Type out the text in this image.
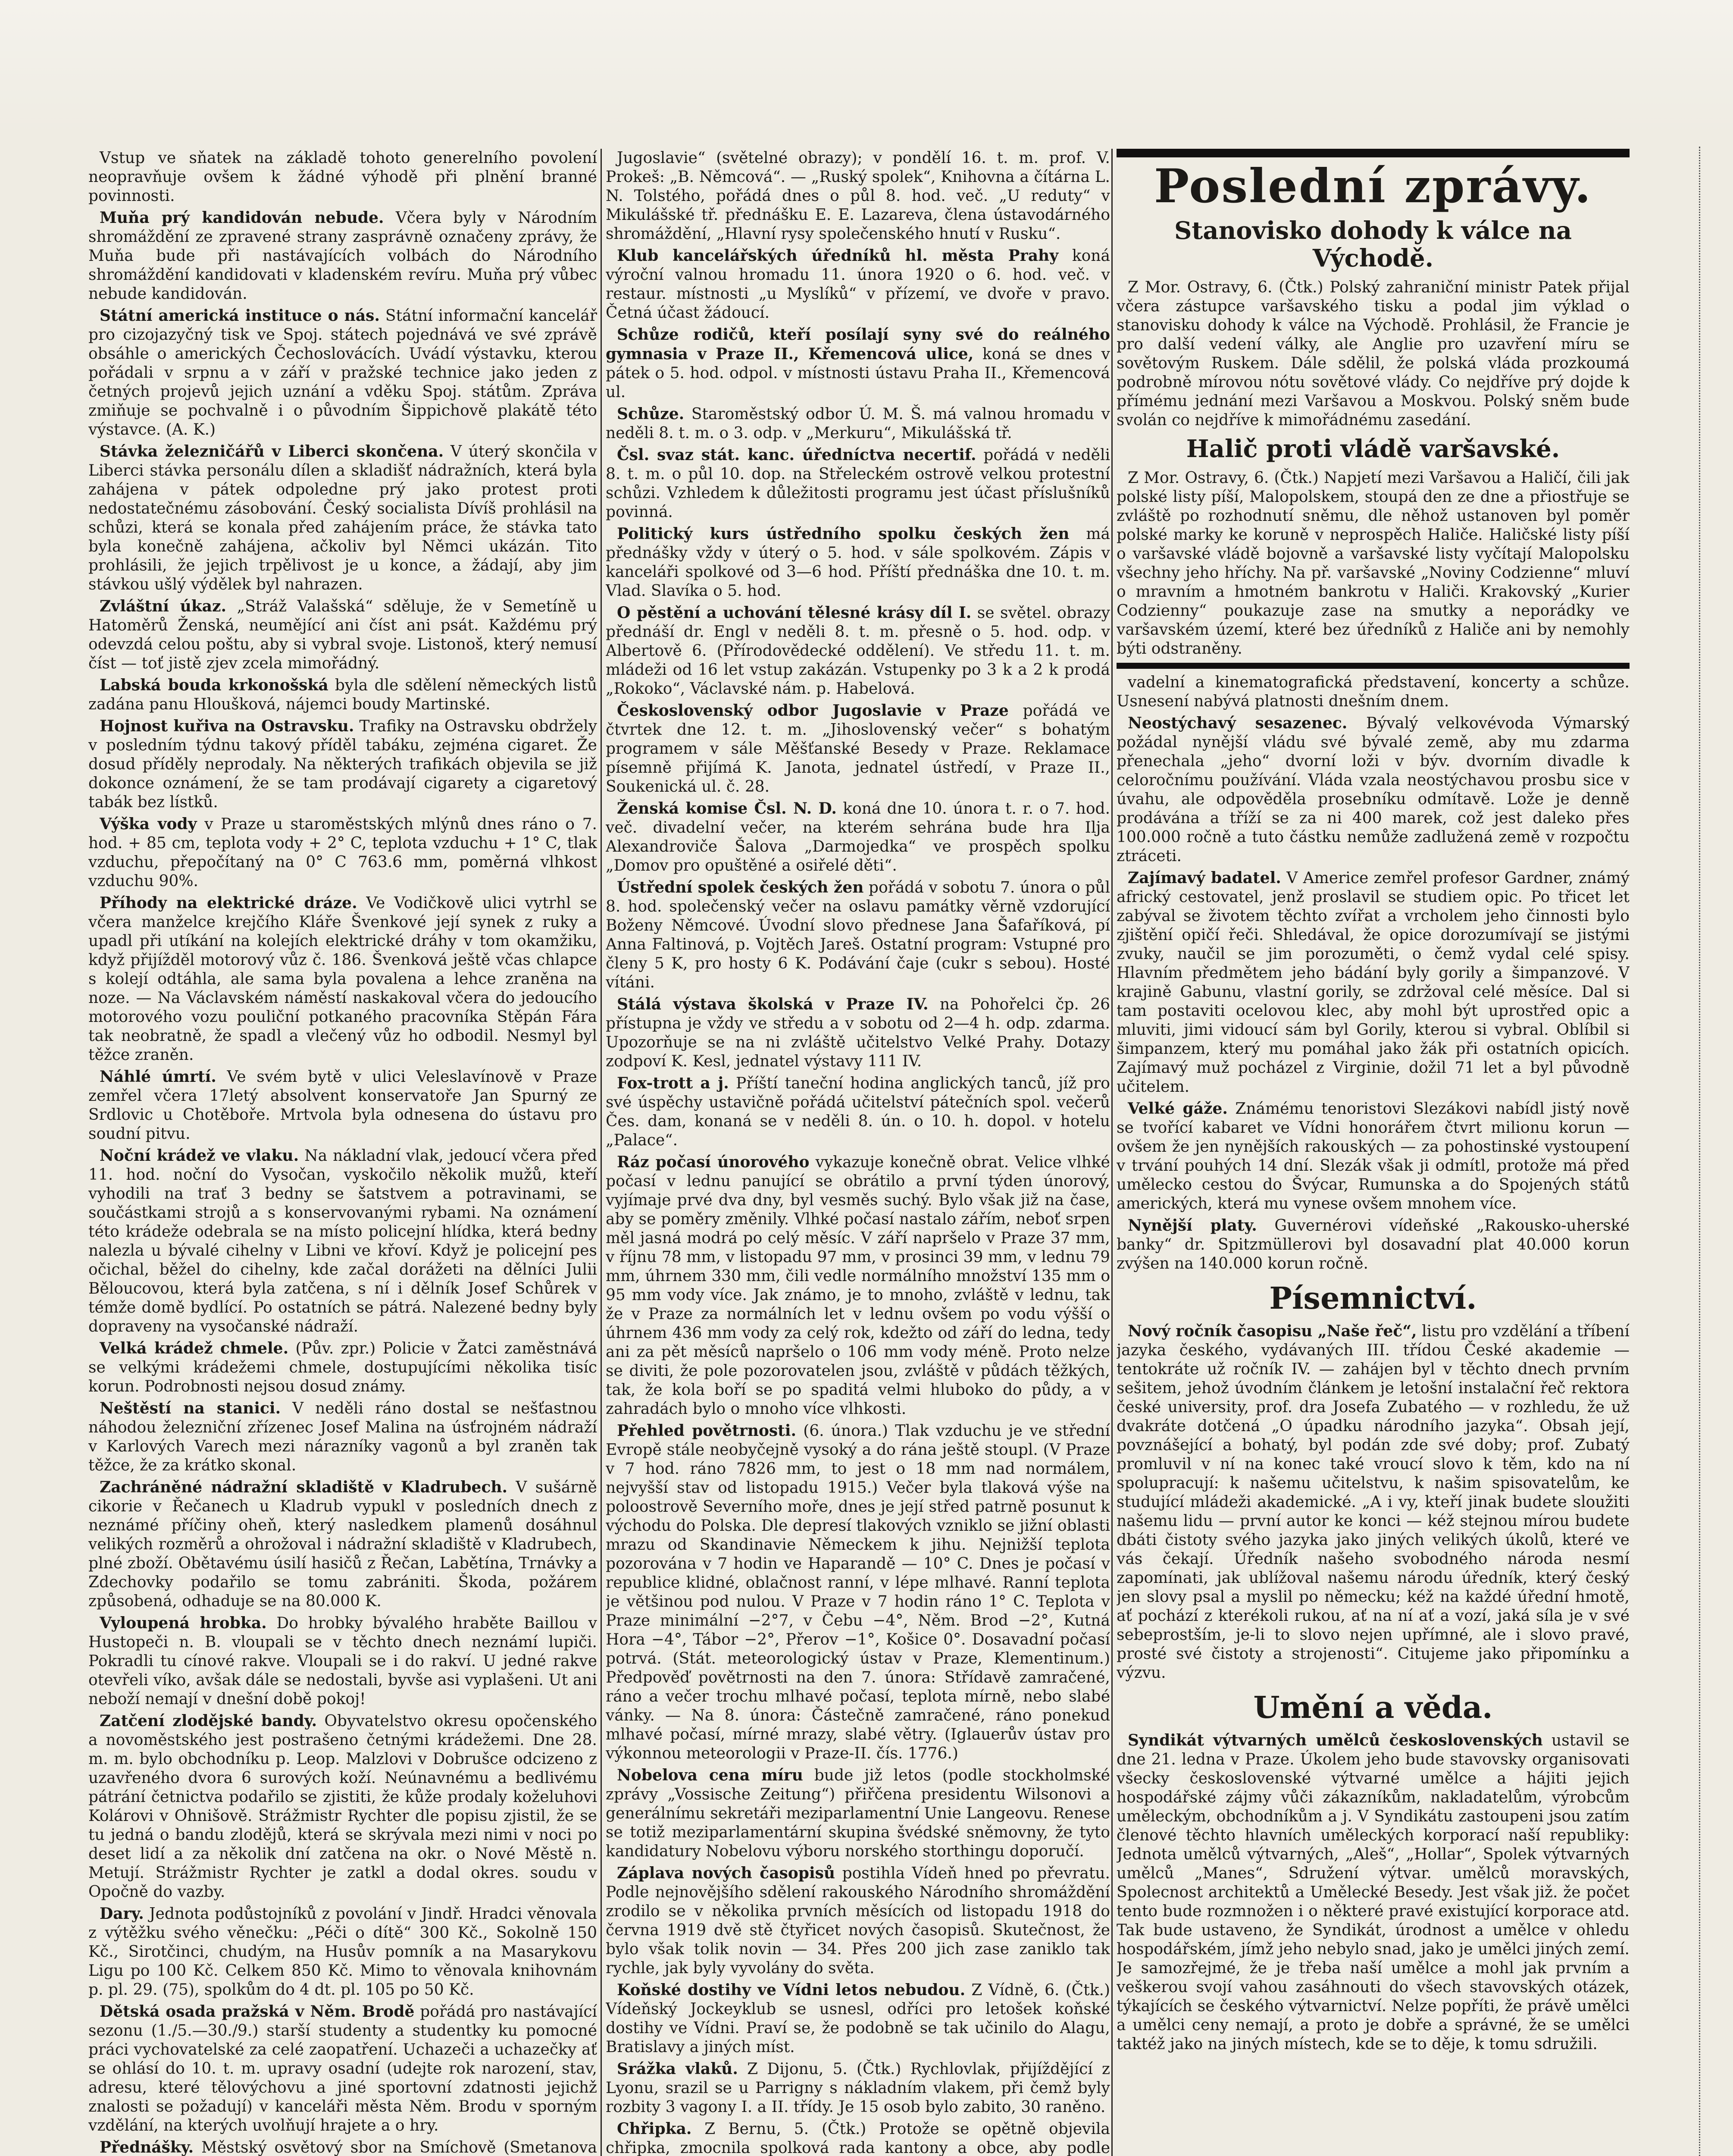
Vstup ve sňatek na základě tohoto generelního povolení neopravňuje ovšem k žádné výhodě při plnění branné povinnosti.

Muňa prý kandidován nebude. Včera byly v Národním shromáždění ze zpravené strany zasprávně označeny zprávy, že Muňa bude při nastávajících volbách do Národního shromáždění kandidovati v kladenském revíru. Muňa prý vůbec nebude kandidován.

Státní americká instituce o nás. Státní informační kancelář pro cizojazyčný tisk ve Spoj. státech pojednává ve své zprávě obsáhle o amerických Čechoslovácích. Uvádí výstavku, kterou pořádali v srpnu a v září v pražské technice jako jeden z četných projevů jejich uznání a vděku Spoj. státům. Zpráva zmiňuje se pochvalně i o původním Šippichově plakátě této výstavce. (A. K.)

Stávka železničářů v Liberci skončena. V úterý skončila v Liberci stávka personálu dílen a skladišť nádražních, která byla zahájena v pátek odpoledne prý jako protest proti nedostatečnému zásobování. Český socialista Dívíš prohlásil na schůzi, která se konala před zahájením práce, že stávka tato byla konečně zahájena, ačkoliv byl Němci ukázán. Tito prohlásili, že jejich trpělivost je u konce, a žádají, aby jim stávkou ušlý výdělek byl nahrazen.

Zvláštní úkaz. „Stráž Valašská“ sděluje, že v Semetíně u Hatoměrů Ženská, neumějící ani číst ani psát. Každému prý odevzdá celou poštu, aby si vybral svoje. Listonoš, který nemusí číst — toť jistě zjev zcela mimořádný.

Labská bouda krkonošská byla dle sdělení německých listů zadána panu Hloušková, nájemci boudy Martinské.

Hojnost kuřiva na Ostravsku. Trafiky na Ostravsku obdržely v posledním týdnu takový příděl tabáku, zejména cigaret. Že dosud příděly neprodaly. Na některých trafikách objevila se již dokonce oznámení, že se tam prodávají cigarety a cigaretový tabák bez lístků.

Výška vody v Praze u staroměstských mlýnů dnes ráno o 7. hod. + 85 cm, teplota vody + 2° C, teplota vzduchu + 1° C, tlak vzduchu, přepočítaný na 0° C 763.6 mm, poměrná vlhkost vzduchu 90%.

Příhody na elektrické dráze. Ve Vodičkově ulici vytrhl se včera manželce krejčího Kláře Švenkové její synek z ruky a upadl při utíkání na kolejích elektrické dráhy v tom okamžiku, když přijížděl motorový vůz č. 186. Švenková ještě včas chlapce s kolejí odtáhla, ale sama byla povalena a lehce zraněna na noze. — Na Václavském náměstí naskakoval včera do jedoucího motorového vozu pouliční potkaného pracovníka Stěpán Fára tak neobratně, že spadl a vlečený vůz ho odbodil. Nesmyl byl těžce zraněn.

Náhlé úmrtí. Ve svém bytě v ulici Veleslavínově v Praze zemřel včera 17letý absolvent konservatoře Jan Spurný ze Srdlovic u Chotěboře. Mrtvola byla odnesena do ústavu pro soudní pitvu.

Noční krádež ve vlaku. Na nákladní vlak, jedoucí včera před 11. hod. noční do Vysočan, vyskočilo několik mužů, kteří vyhodili na trať 3 bedny se šatstvem a potravinami, se součástkami strojů a s konservovanými rybami. Na oznámení této krádeže odebrala se na místo policejní hlídka, která bedny nalezla u bývalé cihelny v Libni ve křoví. Když je policejní pes očichal, běžel do cihelny, kde začal dorážeti na dělníci Julii Běloucovou, která byla zatčena, s ní i dělník Josef Schůrek v témže domě bydlící. Po ostatních se pátrá. Nalezené bedny byly dopraveny na vysočanské nádraží.

Velká krádež chmele. (Pův. zpr.) Policie v Žatci zaměstnává se velkými krádežemi chmele, dostupujícími několika tisíc korun. Podrobnosti nejsou dosud známy.

Neštěstí na stanici. V neděli ráno dostal se nešťastnou náhodou železniční zřízenec Josef Malina na úsťrojném nádraží v Karlových Varech mezi nárazníky vagonů a byl zraněn tak těžce, že za krátko skonal.

Zachráněné nádražní skladiště v Kladrubech. V sušárně cikorie v Řečanech u Kladrub vypukl v posledních dnech z neznámé příčiny oheň, který nasledkem plamenů dosáhnul velikých rozměrů a ohrožoval i nádražní skladiště v Kladrubech, plné zboží. Obětavému úsilí hasičů z Řečan, Labětína, Trnávky a Zdechovky podařilo se tomu zabrániti. Škoda, požárem způsobená, odhaduje se na 80.000 K.

Vyloupená hrobka. Do hrobky bývalého hraběte Baillou v Hustopeči n. B. vloupali se v těchto dnech neznámí lupiči. Pokradli tu cínové rakve. Vloupali se i do rakví. U jedné rakve otevřeli víko, avšak dále se nedostali, byvše asi vyplašeni. Ut ani neboží nemají v dnešní době pokoj!

Zatčení zlodějské bandy. Obyvatelstvo okresu opočenského a novoměstského jest postrašeno četnými krádežemi. Dne 28. m. m. bylo obchodníku p. Leop. Malzlovi v Dobrušce odcizeno z uzavřeného dvora 6 surových koží. Neúnavnému a bedlivému pátrání četnictva podařilo se zjistiti, že kůže prodaly koželuhovi Kolárovi v Ohnišově. Strážmistr Rychter dle popisu zjistil, že se tu jedná o bandu zlodějů, která se skrývala mezi nimi v noci po deset lidí a za několik dní zatčena na okr. o Nové Městě n. Metují. Strážmistr Rychter je zatkl a dodal okres. soudu v Opočně do vazby.

Dary. Jednota podůstojníků z povolání v Jindř. Hradci věnovala z výtěžku svého věnečku: „Péči o dítě“ 300 Kč., Sokolně 150 Kč., Sirotčinci, chudým, na Husův pomník a na Masarykovu Ligu po 100 Kč. Celkem 850 Kč. Mimo to věnovala knihovnám p. pl. 29. (75), spolkům do 4 dt. pl. 105 po 50 Kč.

Dětská osada pražská v Něm. Brodě pořádá pro nastávající sezonu (1./5.—30./9.) starší studenty a studentky ku pomocné práci vychovatelské za celé zaopatření. Uchazeči a uchazečky ať se ohlásí do 10. t. m. upravy osadní (udejte rok narození, stav, adresu, které tělovýchovu a jiné sportovní zdatnosti jejichž znalosti se požadují) v kanceláři města Něm. Brodu v sporným vzdělání, na kterých uvolňují hrajete a o hry.

Přednášky. Městský osvětový sbor na Smíchově (Smetanova

Jugoslavie“ (světelné obrazy); v pondělí 16. t. m. prof. V. Prokeš: „B. Němcová“. — „Ruský spolek“, Knihovna a čítárna L. N. Tolstého, pořádá dnes o půl 8. hod. več. „U reduty“ v Mikulášské tř. přednášku E. E. Lazareva, člena ústavodárného shromáždění, „Hlavní rysy společenského hnutí v Rusku“.

Klub kancelářských úředníků hl. města Prahy koná výroční valnou hromadu 11. února 1920 o 6. hod. več. v restaur. místnosti „u Myslíků“ v přízemí, ve dvoře v pravo. Četná účast žádoucí.

Schůze rodičů, kteří posílají syny své do reálného gymnasia v Praze II., Křemencová ulice, koná se dnes v pátek o 5. hod. odpol. v místnosti ústavu Praha II., Křemencová ul.

Schůze. Staroměstský odbor Ú. M. Š. má valnou hromadu v neděli 8. t. m. o 3. odp. v „Merkuru“, Mikulášská tř.

Čsl. svaz stát. kanc. úředníctva necertif. pořádá v neděli 8. t. m. o půl 10. dop. na Střeleckém ostrově velkou protestní schůzi. Vzhledem k důležitosti programu jest účast příslušníků povinná.

Politický kurs ústředního spolku českých žen má přednášky vždy v úterý o 5. hod. v sále spolkovém. Zápis v kanceláři spolkové od 3—6 hod. Příští přednáška dne 10. t. m. Vlad. Slavíka o 5. hod.

O pěstění a uchování tělesné krásy díl I. se světel. obrazy přednáší dr. Engl v neděli 8. t. m. přesně o 5. hod. odp. v Albertově 6. (Přírodovědecké oddělení). Ve středu 11. t. m. mládeži od 16 let vstup zakázán. Vstupenky po 3 k a 2 k prodá „Rokoko“, Václavské nám. p. Habelová.

Československý odbor Jugoslavie v Praze pořádá ve čtvrtek dne 12. t. m. „Jihoslovenský večer“ s bohatým programem v sále Měšťanské Besedy v Praze. Reklamace písemně přijímá K. Janota, jednatel ústředí, v Praze II., Soukenická ul. č. 28.

Ženská komise Čsl. N. D. koná dne 10. února t. r. o 7. hod. več. divadelní večer, na kterém sehrána bude hra Ilja Alexandroviče Šalova „Darmojedka“ ve prospěch spolku „Domov pro opuštěné a osiřelé děti“.

Ústřední spolek českých žen pořádá v sobotu 7. února o půl 8. hod. společenský večer na oslavu památky věrně vzdorující Boženy Němcové. Úvodní slovo přednese Jana Šafaříková, pí Anna Faltinová, p. Vojtěch Jareš. Ostatní program: Vstupné pro členy 5 K, pro hosty 6 K. Podávání čaje (cukr s sebou). Hosté vítáni.

Stálá výstava školská v Praze IV. na Pohořelci čp. 26 přístupna je vždy ve středu a v sobotu od 2—4 h. odp. zdarma. Upozorňuje se na ni zvláště učitelstvo Velké Prahy. Dotazy zodpoví K. Kesl, jednatel výstavy 111 IV.

Fox-trott a j. Příští taneční hodina anglických tanců, jíž pro své úspěchy ustavičně pořádá učitelství pátečních spol. večerů Čes. dam, konaná se v neděli 8. ún. o 10. h. dopol. v hotelu „Palace“.

Ráz počasí únorového vykazuje konečně obrat. Velice vlhké počasí v lednu panující se obrátilo a první týden únorový, vyjímaje prvé dva dny, byl vesměs suchý. Bylo však již na čase, aby se poměry změnily. Vlhké počasí nastalo zářím, neboť srpen měl jasná modrá po celý měsíc. V září napršelo v Praze 37 mm, v říjnu 78 mm, v listopadu 97 mm, v prosinci 39 mm, v lednu 79 mm, úhrnem 330 mm, čili vedle normálního množství 135 mm o 95 mm vody více. Jak známo, je to mnoho, zvláště v lednu, tak že v Praze za normálních let v lednu ovšem po vodu výšší o úhrnem 436 mm vody za celý rok, kdežto od září do ledna, tedy ani za pět měsíců napršelo o 106 mm vody méně. Proto nelze se diviti, že pole pozorovatelen jsou, zvláště v půdách těžkých, tak, že kola boří se po spaditá velmi hluboko do půdy, a v zahradách bylo o mnoho více vlhkosti.

Přehled povětrnosti. (6. února.) Tlak vzduchu je ve střední Evropě stále neobyčejně vysoký a do rána ještě stoupl. (V Praze v 7 hod. ráno 7826 mm, to jest o 18 mm nad normálem, nejvyšší stav od listopadu 1915.) Večer byla tlaková výše na poloostrově Severního moře, dnes je její střed patrně posunut k východu do Polska. Dle depresí tlakových vzniklo se jižní oblasti mrazu od Skandinavie Německem k jihu. Nejnižší teplota pozorována v 7 hodin ve Haparandě — 10° C. Dnes je počasí v republice klidné, oblačnost ranní, v lépe mlhavé. Ranní teplota je většinou pod nulou. V Praze v 7 hodin ráno 1° C. Teplota v Praze minimální −2°7, v Čebu −4°, Něm. Brod −2°, Kutná Hora −4°, Tábor −2°, Přerov −1°, Košice 0°. Dosavadní počasí potrvá. (Stát. meteorologický ústav v Praze, Klementinum.) Předpověď povětrnosti na den 7. února: Střídavě zamračené, ráno a večer trochu mlhavé počasí, teplota mírně, nebo slabé vánky. — Na 8. února: Částečně zamračené, ráno ponekud mlhavé počasí, mírné mrazy, slabé větry. (Iglauerův ústav pro výkonnou meteorologii v Praze-II. čís. 1776.)

Nobelova cena míru bude již letos (podle stockholmské zprávy „Vossische Zeitung“) přiřčena presidentu Wilsonovi a generálnímu sekretáři meziparlamentní Unie Langeovu. Renese se totiž meziparlamentární skupina švédské sněmovny, že tyto kandidatury Nobelovu výboru norského storthingu doporučí.

Záplava nových časopisů postihla Vídeň hned po převratu. Podle nejnovějšího sdělení rakouského Národního shromáždění zrodilo se v několika prvních měsících od listopadu 1918 do června 1919 dvě stě čtyřicet nových časopisů. Skutečnost, že bylo však tolik novin — 34. Přes 200 jich zase zaniklo tak rychle, jak byly vyvolány do světa.

Koňské dostihy ve Vídni letos nebudou. Z Vídně, 6. (Čtk.) Vídeňský Jockeyklub se usnesl, odříci pro letošek koňské dostihy ve Vídni. Praví se, že podobně se tak učinilo do Alagu, Bratislavy a jiných míst.

Srážka vlaků. Z Dijonu, 5. (Čtk.) Rychlovlak, přijíždějící z Lyonu, srazil se u Parrigny s nákladním vlakem, při čemž byly rozbity 3 vagony I. a II. třídy. Je 15 osob bylo zabito, 30 raněno.

Chřipka. Z Bernu, 5. (Čtk.) Protože se opětně objevila chřipka, zmocnila spolková rada kantony a obce, aby podle

Poslední zprávy.
Stanovisko dohody k válce na Východě.

Z Mor. Ostravy, 6. (Čtk.) Polský zahraniční ministr Patek přijal včera zástupce varšavského tisku a podal jim výklad o stanovisku dohody k válce na Východě. Prohlásil, že Francie je pro další vedení války, ale Anglie pro uzavření míru se sovětovým Ruskem. Dále sdělil, že polská vláda prozkoumá podrobně mírovou nótu sovětové vlády. Co nejdříve prý dojde k přímému jednání mezi Varšavou a Moskvou. Polský sněm bude svolán co nejdříve k mimořádnému zasedání.

Halič proti vládě varšavské.

Z Mor. Ostravy, 6. (Čtk.) Napjetí mezi Varšavou a Haličí, čili jak polské listy píší, Malopolskem, stoupá den ze dne a přiostřuje se zvláště po rozhodnutí sněmu, dle něhož ustanoven byl poměr polské marky ke koruně v neprospěch Haliče. Haličské listy píší o varšavské vládě bojovně a varšavské listy vyčítají Malopolsku všechny jeho hříchy. Na př. varšavské „Noviny Codzienne“ mluví o mravním a hmotném bankrotu v Haliči. Krakovský „Kurier Codzienny“ poukazuje zase na smutky a neporádky ve varšavském území, které bez úředníků z Haliče ani by nemohly býti odstraněny.

vadelní a kinematografická představení, koncerty a schůze. Usnesení nabývá platnosti dnešním dnem.

Neostýchavý sesazenec. Bývalý velkovévoda Výmarský požádal nynější vládu své bývalé země, aby mu zdarma přenechala „jeho“ dvorní loži v býv. dvorním divadle k celoročnímu používání. Vláda vzala neostýchavou prosbu sice v úvahu, ale odpověděla prosebníku odmítavě. Lože je denně prodávána a tříží se za ni 400 marek, což jest daleko přes 100.000 ročně a tuto částku nemůže zadlužená země v rozpočtu ztráceti.

Zajímavý badatel. V Americe zemřel profesor Gardner, známý africký cestovatel, jenž proslavil se studiem opic. Po třicet let zabýval se životem těchto zvířat a vrcholem jeho činnosti bylo zjištění opičí řeči. Shledával, že opice dorozumívají se jistými zvuky, naučil se jim porozuměti, o čemž vydal celé spisy. Hlavním předmětem jeho bádání byly gorily a šimpanzové. V krajině Gabunu, vlastní gorily, se zdržoval celé měsíce. Dal si tam postaviti ocelovou klec, aby mohl být uprostřed opic a mluviti, jimi vidoucí sám byl Gorily, kterou si vybral. Oblíbil si šimpanzem, který mu pomáhal jako žák při ostatních opicích. Zajímavý muž pocházel z Virginie, dožil 71 let a byl původně učitelem.

Velké gáže. Známému tenoristovi Slezákovi nabídl jistý nově se tvořící kabaret ve Vídni honorářem čtvrt milionu korun — ovšem že jen nynějších rakouských — za pohostinské vystoupení v trvání pouhých 14 dní. Slezák však ji odmítl, protože má před umělecko cestou do Švýcar, Rumunska a do Spojených států amerických, která mu vynese ovšem mnohem více.

Nynější platy. Guvernérovi vídeňské „Rakousko-uherské banky“ dr. Spitzmüllerovi byl dosavadní plat 40.000 korun zvýšen na 140.000 korun ročně.

Písemnictví.

Nový ročník časopisu „Naše řeč“, listu pro vzdělání a tříbení jazyka českého, vydávaných III. třídou České akademie — tentokráte už ročník IV. — zahájen byl v těchto dnech prvním sešitem, jehož úvodním článkem je letošní instalační řeč rektora české university, prof. dra Josefa Zubatého — v rozhledu, že už dvakráte dotčená „O úpadku národního jazyka“. Obsah její, povznášející a bohatý, byl podán zde své doby; prof. Zubatý promluvil v ní na konec také vroucí slovo k těm, kdo na ní spolupracují: k našemu učitelstvu, k našim spisovatelům, ke studující mládeži akademické. „A i vy, kteří jinak budete sloužiti našemu lidu — první autor ke konci — kéž stejnou mírou budete dbáti čistoty svého jazyka jako jiných velikých úkolů, které ve vás čekají. Úředník našeho svobodného národa nesmí zapomínati, jak ublížoval našemu národu úředník, který český jen slovy psal a myslil po německu; kéž na každé úřední hmotě, ať pochází z kterékoli rukou, ať na ní ať a vozí, jaká síla je v své sebeprostším, je-li to slovo nejen upřímné, ale i slovo pravé, prosté své čistoty a strojenosti“. Citujeme jako připomínku a výzvu.

Umění a věda.

Syndikát výtvarných umělců československých ustavil se dne 21. ledna v Praze. Úkolem jeho bude stavovsky organisovati všecky československé výtvarné umělce a hájiti jejich hospodářské zájmy vůči zákazníkům, nakladatelům, výrobcům uměleckým, obchodníkům a j. V Syndikátu zastoupeni jsou zatím členové těchto hlavních uměleckých korporací naší republiky: Jednota umělců výtvarných, „Aleš“, „Hollar“, Spolek výtvarných umělců „Manes“, Sdružení výtvar. umělců moravských, Spolecnost architektů a Umělecké Besedy. Jest však již. že počet tento bude rozmnožen i o některé pravé existující korporace atd. Tak bude ustaveno, že Syndikát, úrodnost a umělce v ohledu hospodářském, jímž jeho nebylo snad, jako je umělci jiných zemí. Je samozřejmé, že je třeba naší umělce a mohl jak prvním a veškerou svojí vahou zasáhnouti do všech stavovských otázek, týkajících se českého výtvarnictví. Nelze popříti, že právě umělci a umělci ceny nemají, a proto je dobře a správné, že se umělci taktéž jako na jiných místech, kde se to děje, k tomu sdružili.
